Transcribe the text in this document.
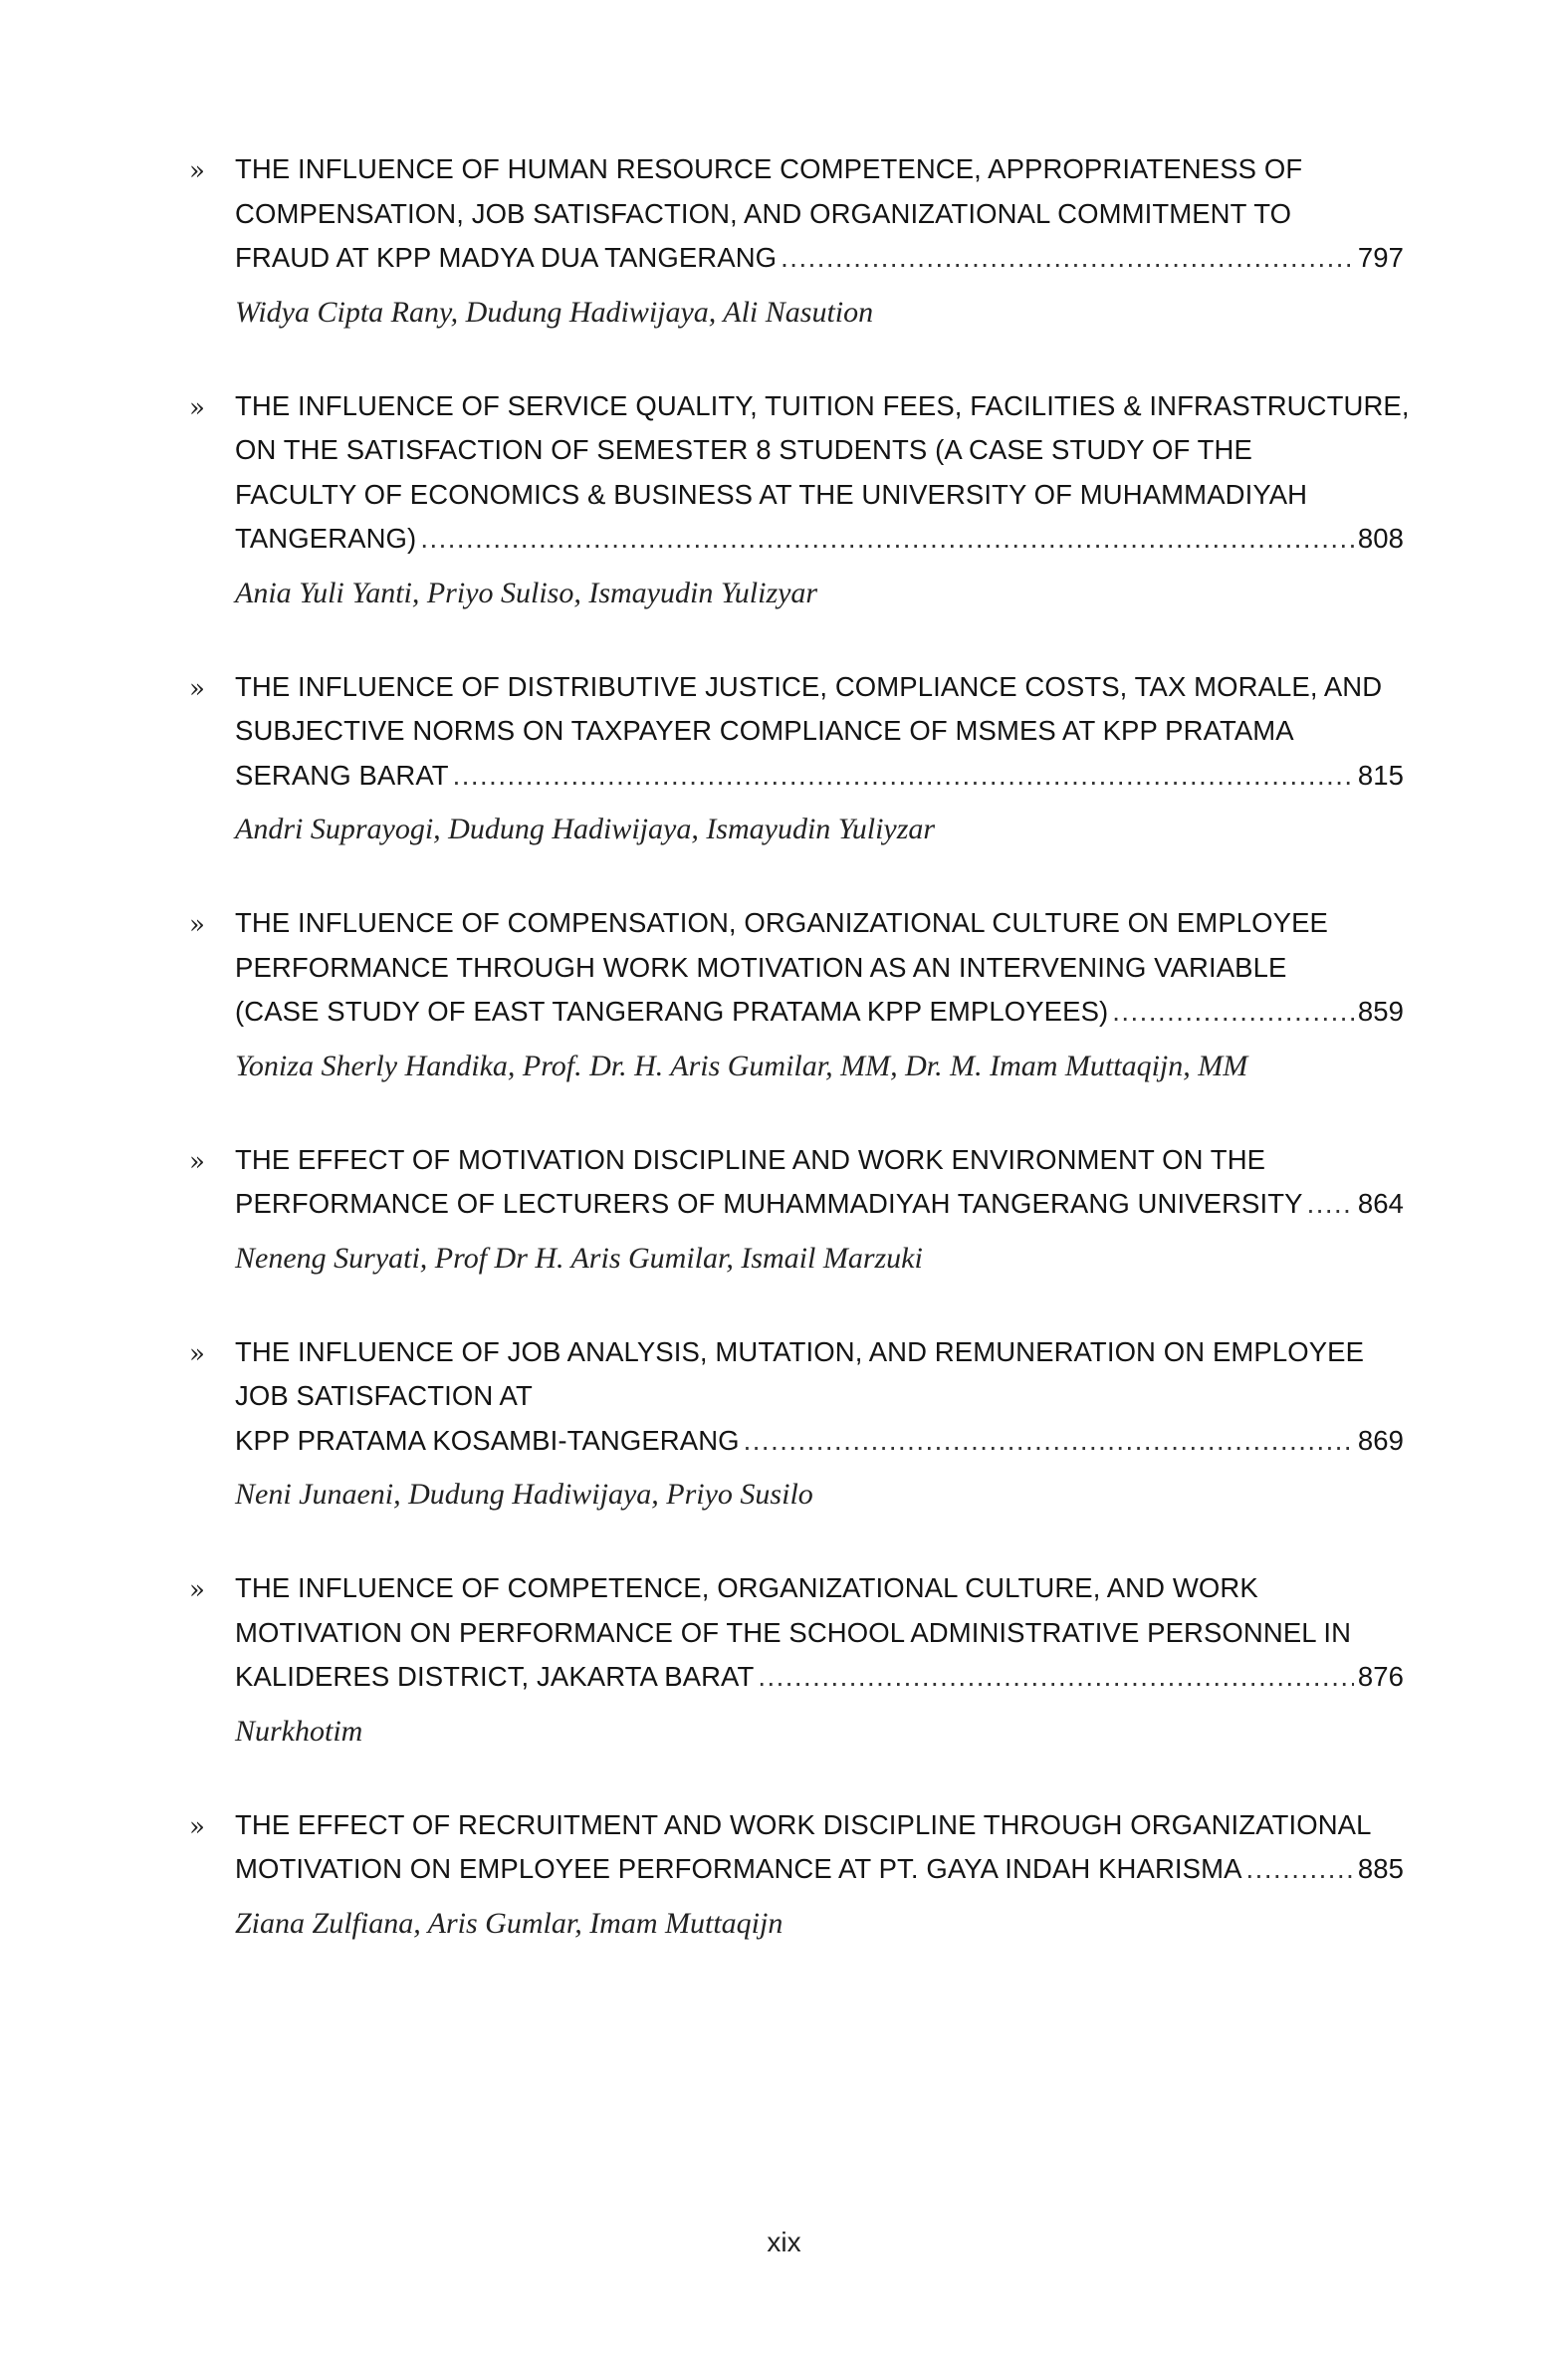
» THE INFLUENCE OF HUMAN RESOURCE COMPETENCE, APPROPRIATENESS OF
COMPENSATION, JOB SATISFACTION, AND ORGANIZATIONAL COMMITMENT TO
FRAUD AT KPP MADYA DUA TANGERANG .....	797
Widya Cipta Rany, Dudung Hadiwijaya, Ali Nasution
» THE INFLUENCE OF SERVICE QUALITY, TUITION FEES, FACILITIES & INFRASTRUCTURE,
ON THE SATISFACTION OF SEMESTER 8 STUDENTS (A CASE STUDY OF THE
FACULTY OF ECONOMICS & BUSINESS AT THE UNIVERSITY OF MUHAMMADIYAH
TANGERANG) .....	808
Ania Yuli Yanti, Priyo Suliso, Ismayudin Yulizyar
» THE INFLUENCE OF DISTRIBUTIVE JUSTICE, COMPLIANCE COSTS, TAX MORALE, AND
SUBJECTIVE NORMS ON TAXPAYER COMPLIANCE OF MSMES AT KPP PRATAMA
SERANG BARAT .....	815
Andri Suprayogi, Dudung Hadiwijaya, Ismayudin Yuliyzar
» THE INFLUENCE OF COMPENSATION, ORGANIZATIONAL CULTURE ON EMPLOYEE
PERFORMANCE THROUGH WORK MOTIVATION AS AN INTERVENING VARIABLE
(CASE STUDY OF EAST TANGERANG PRATAMA KPP EMPLOYEES) .....	859
Yoniza Sherly Handika, Prof. Dr. H. Aris Gumilar, MM, Dr. M. Imam Muttaqijn, MM
» THE EFFECT OF MOTIVATION DISCIPLINE AND WORK ENVIRONMENT ON THE
PERFORMANCE OF LECTURERS OF MUHAMMADIYAH TANGERANG UNIVERSITY ..... 864
Neneng Suryati, Prof Dr H. Aris Gumilar, Ismail Marzuki
» THE INFLUENCE OF JOB ANALYSIS, MUTATION, AND REMUNERATION ON EMPLOYEE
JOB SATISFACTION AT
KPP PRATAMA KOSAMBI-TANGERANG .....	869
Neni Junaeni, Dudung Hadiwijaya, Priyo Susilo
» THE INFLUENCE OF COMPETENCE, ORGANIZATIONAL CULTURE, AND WORK
MOTIVATION ON PERFORMANCE OF THE SCHOOL ADMINISTRATIVE PERSONNEL IN
KALIDERES DISTRICT, JAKARTA BARAT .....	876
Nurkhotim
» THE EFFECT OF RECRUITMENT AND WORK DISCIPLINE THROUGH ORGANIZATIONAL
MOTIVATION ON EMPLOYEE PERFORMANCE AT PT. GAYA INDAH KHARISMA .....	885
Ziana Zulfiana, Aris Gumlar, Imam Muttaqijn
xix
